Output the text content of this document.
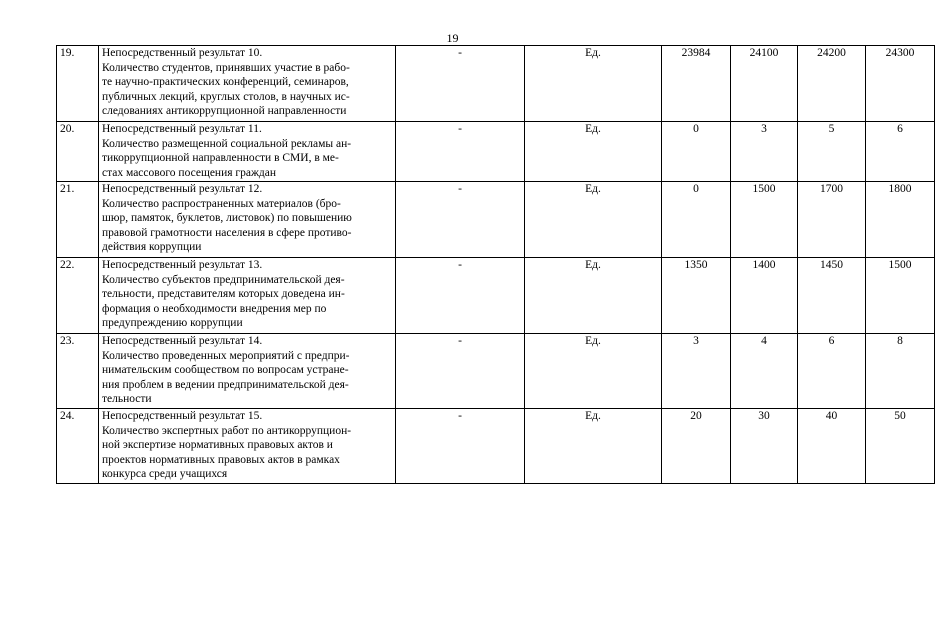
19
19.	Непосредственный результат 10.
Количество студентов, принявших участие в рабо-
те научно-практических конференций, семинаров,
публичных лекций, круглых столов, в научных ис-
следованиях антикоррупционной направленности	-	Ед.	23984	24100	24200	24300
20.	Непосредственный результат 11.
Количество размещенной социальной рекламы ан-
тикоррупционной направленности в СМИ, в ме-
стах массового посещения граждан	-	Ед.	0	3	5	6
21.	Непосредственный результат 12.
Количество распространенных материалов (бро-
шюр, памяток, буклетов, листовок) по повышению
правовой грамотности населения в сфере противо-
действия коррупции	-	Ед.	0	1500	1700	1800
22.	Непосредственный результат 13.
Количество субъектов предпринимательской дея-
тельности, представителям которых доведена ин-
формация о необходимости внедрения мер по
предупреждению коррупции	-	Ед.	1350	1400	1450	1500
23.	Непосредственный результат 14.
Количество проведенных мероприятий с предпри-
нимательским сообществом по вопросам устране-
ния проблем в ведении предпринимательской дея-
тельности	-	Ед.	3	4	6	8
24.	Непосредственный результат 15.
Количество экспертных работ по антикоррупцион-
ной экспертизе нормативных правовых актов и
проектов нормативных правовых актов в рамках
конкурса среди учащихся	-	Ед.	20	30	40	50
